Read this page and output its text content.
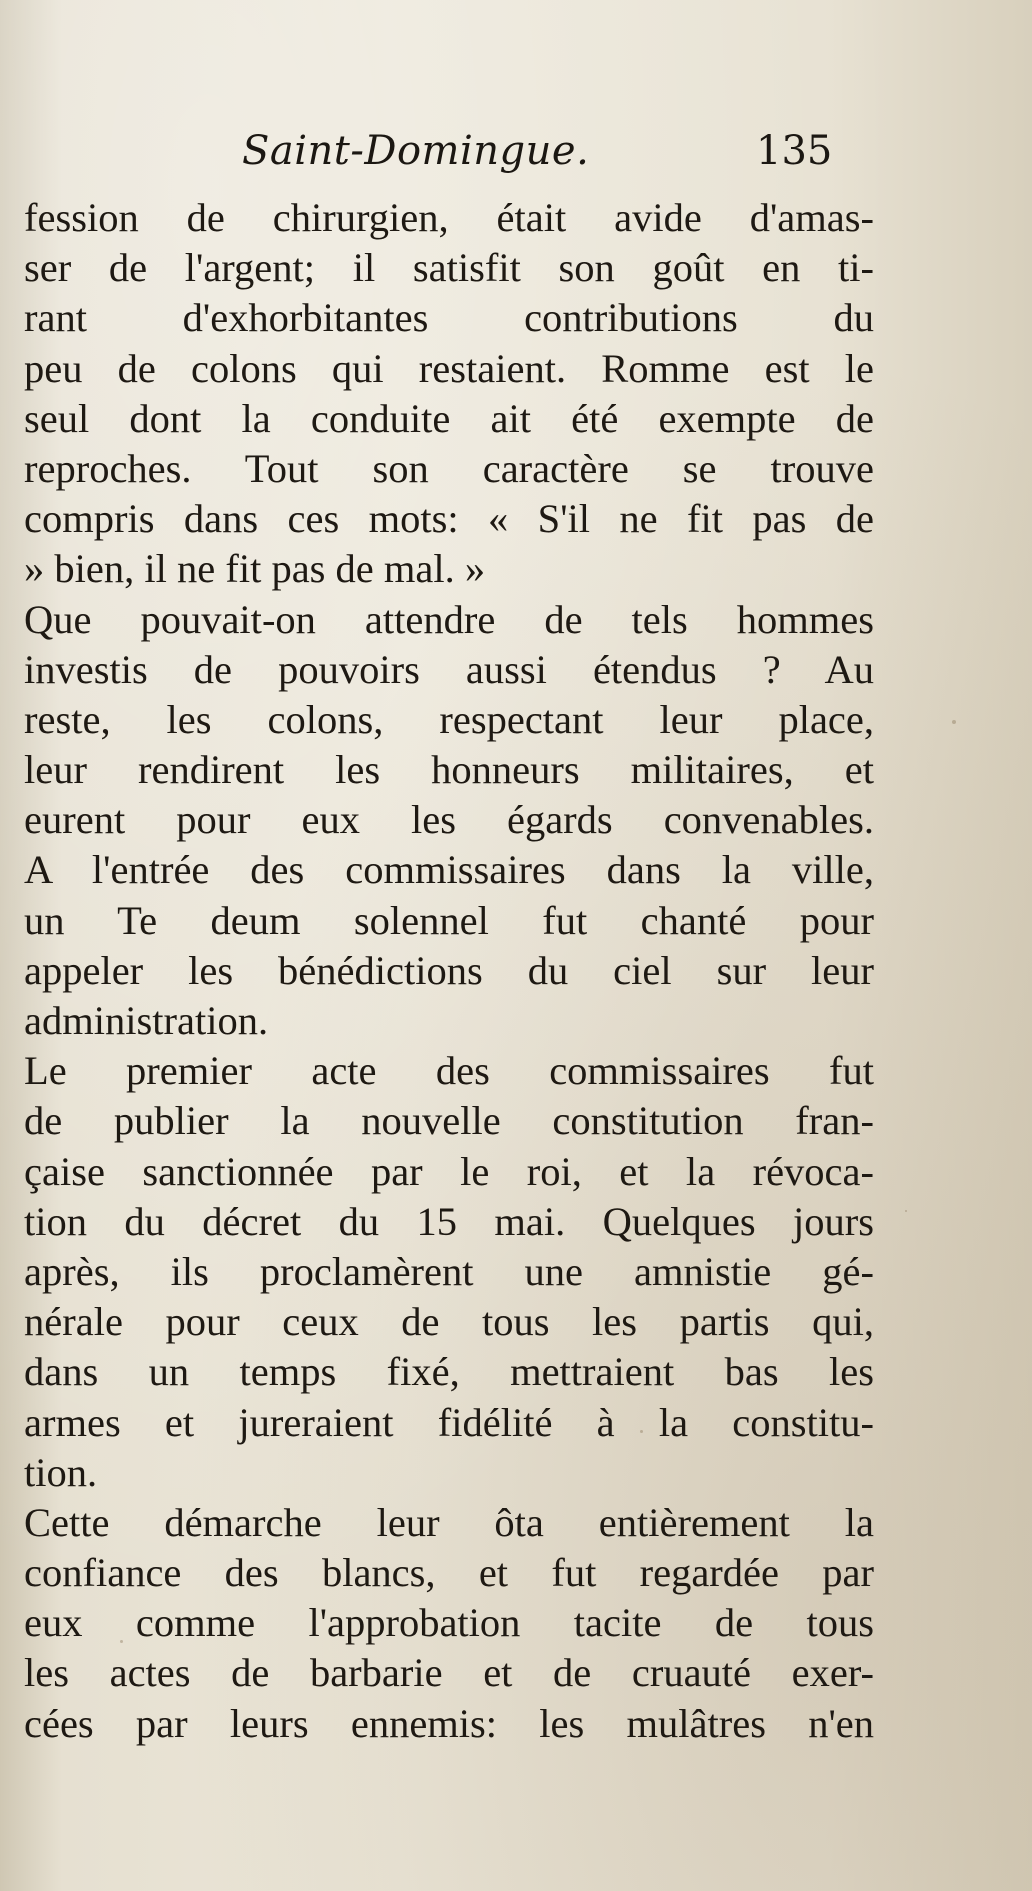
Saint-Domingue.	135
fession de chirurgien, était avide d'amas-
ser de l'argent; il satisfit son goût en ti-
rant d'exhorbitantes contributions du
peu de colons qui restaient. Romme est le
seul dont la conduite ait été exempte de
reproches. Tout son caractère se trouve
compris dans ces mots: « S'il ne fit pas de
» bien, il ne fit pas de mal. »
Que pouvait-on attendre de tels hommes
investis de pouvoirs aussi étendus ? Au
reste, les colons, respectant leur place,
leur rendirent les honneurs militaires, et
eurent pour eux les égards convenables.
A l'entrée des commissaires dans la ville,
un Te deum solennel fut chanté pour
appeler les bénédictions du ciel sur leur
administration.
Le premier acte des commissaires fut
de publier la nouvelle constitution fran-
çaise sanctionnée par le roi, et la révoca-
tion du décret du 15 mai. Quelques jours
après, ils proclamèrent une amnistie gé-
nérale pour ceux de tous les partis qui,
dans un temps fixé, mettraient bas les
armes et jureraient fidélité à la constitu-
tion.
Cette démarche leur ôta entièrement la
confiance des blancs, et fut regardée par
eux comme l'approbation tacite de tous
les actes de barbarie et de cruauté exer-
cées par leurs ennemis: les mulâtres n'en
